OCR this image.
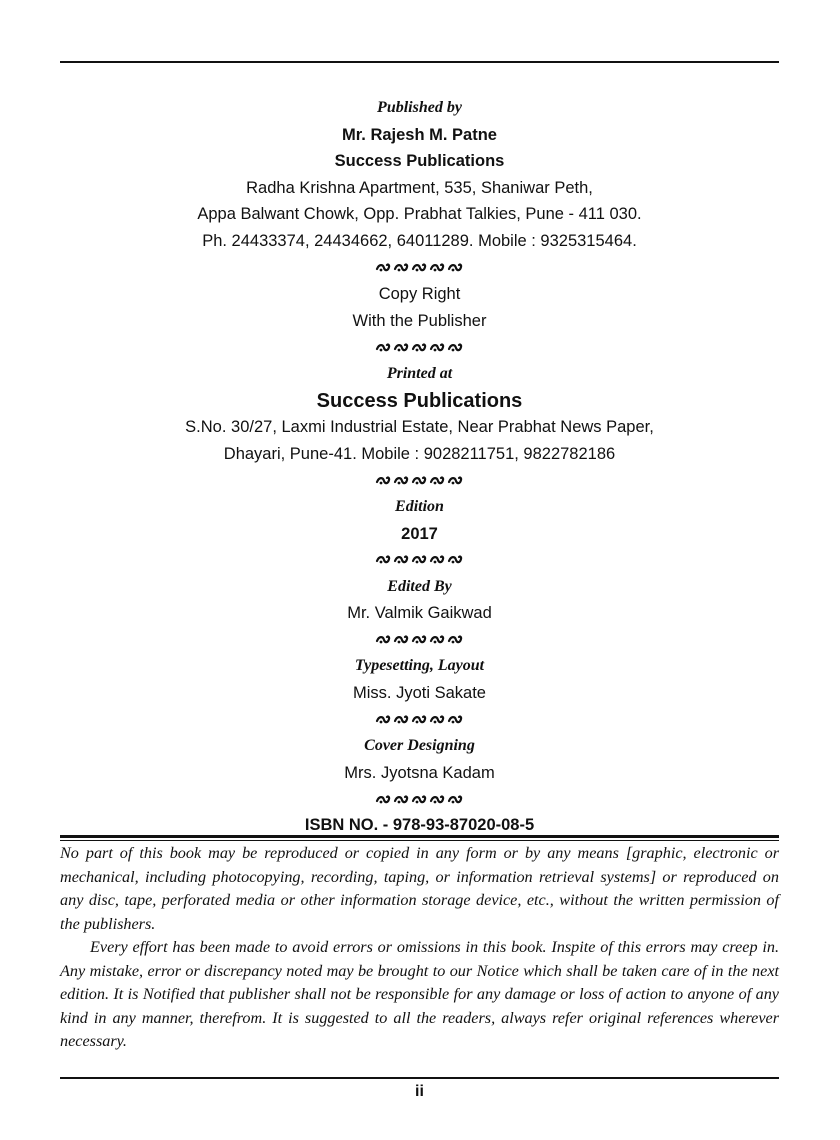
Published by
Mr. Rajesh M. Patne
Success Publications
Radha Krishna Apartment, 535, Shaniwar Peth,
Appa Balwant Chowk, Opp. Prabhat Talkies, Pune - 411 030.
Ph. 24433374, 24434662, 64011289. Mobile : 9325315464.
Copy Right
With the Publisher
Printed at
Success Publications
S.No. 30/27, Laxmi Industrial Estate, Near Prabhat News Paper,
Dhayari, Pune-41. Mobile : 9028211751, 9822782186
Edition
2017
Edited By
Mr. Valmik Gaikwad
Typesetting, Layout
Miss. Jyoti Sakate
Cover Designing
Mrs. Jyotsna Kadam
ISBN NO. - 978-93-87020-08-5

No part of this book may be reproduced or copied in any form or by any means [graphic, electronic or mechanical, including photocopying, recording, taping, or information retrieval systems] or reproduced on any disc, tape, perforated media or other information storage device, etc., without the written permission of the publishers.

Every effort has been made to avoid errors or omissions in this book. Inspite of this errors may creep in. Any mistake, error or discrepancy noted may be brought to our Notice which shall be taken care of in the next edition. It is Notified that publisher shall not be responsible for any damage or loss of action to anyone of any kind in any manner, therefrom. It is suggested to all the readers, always refer original references wherever necessary.

ii
